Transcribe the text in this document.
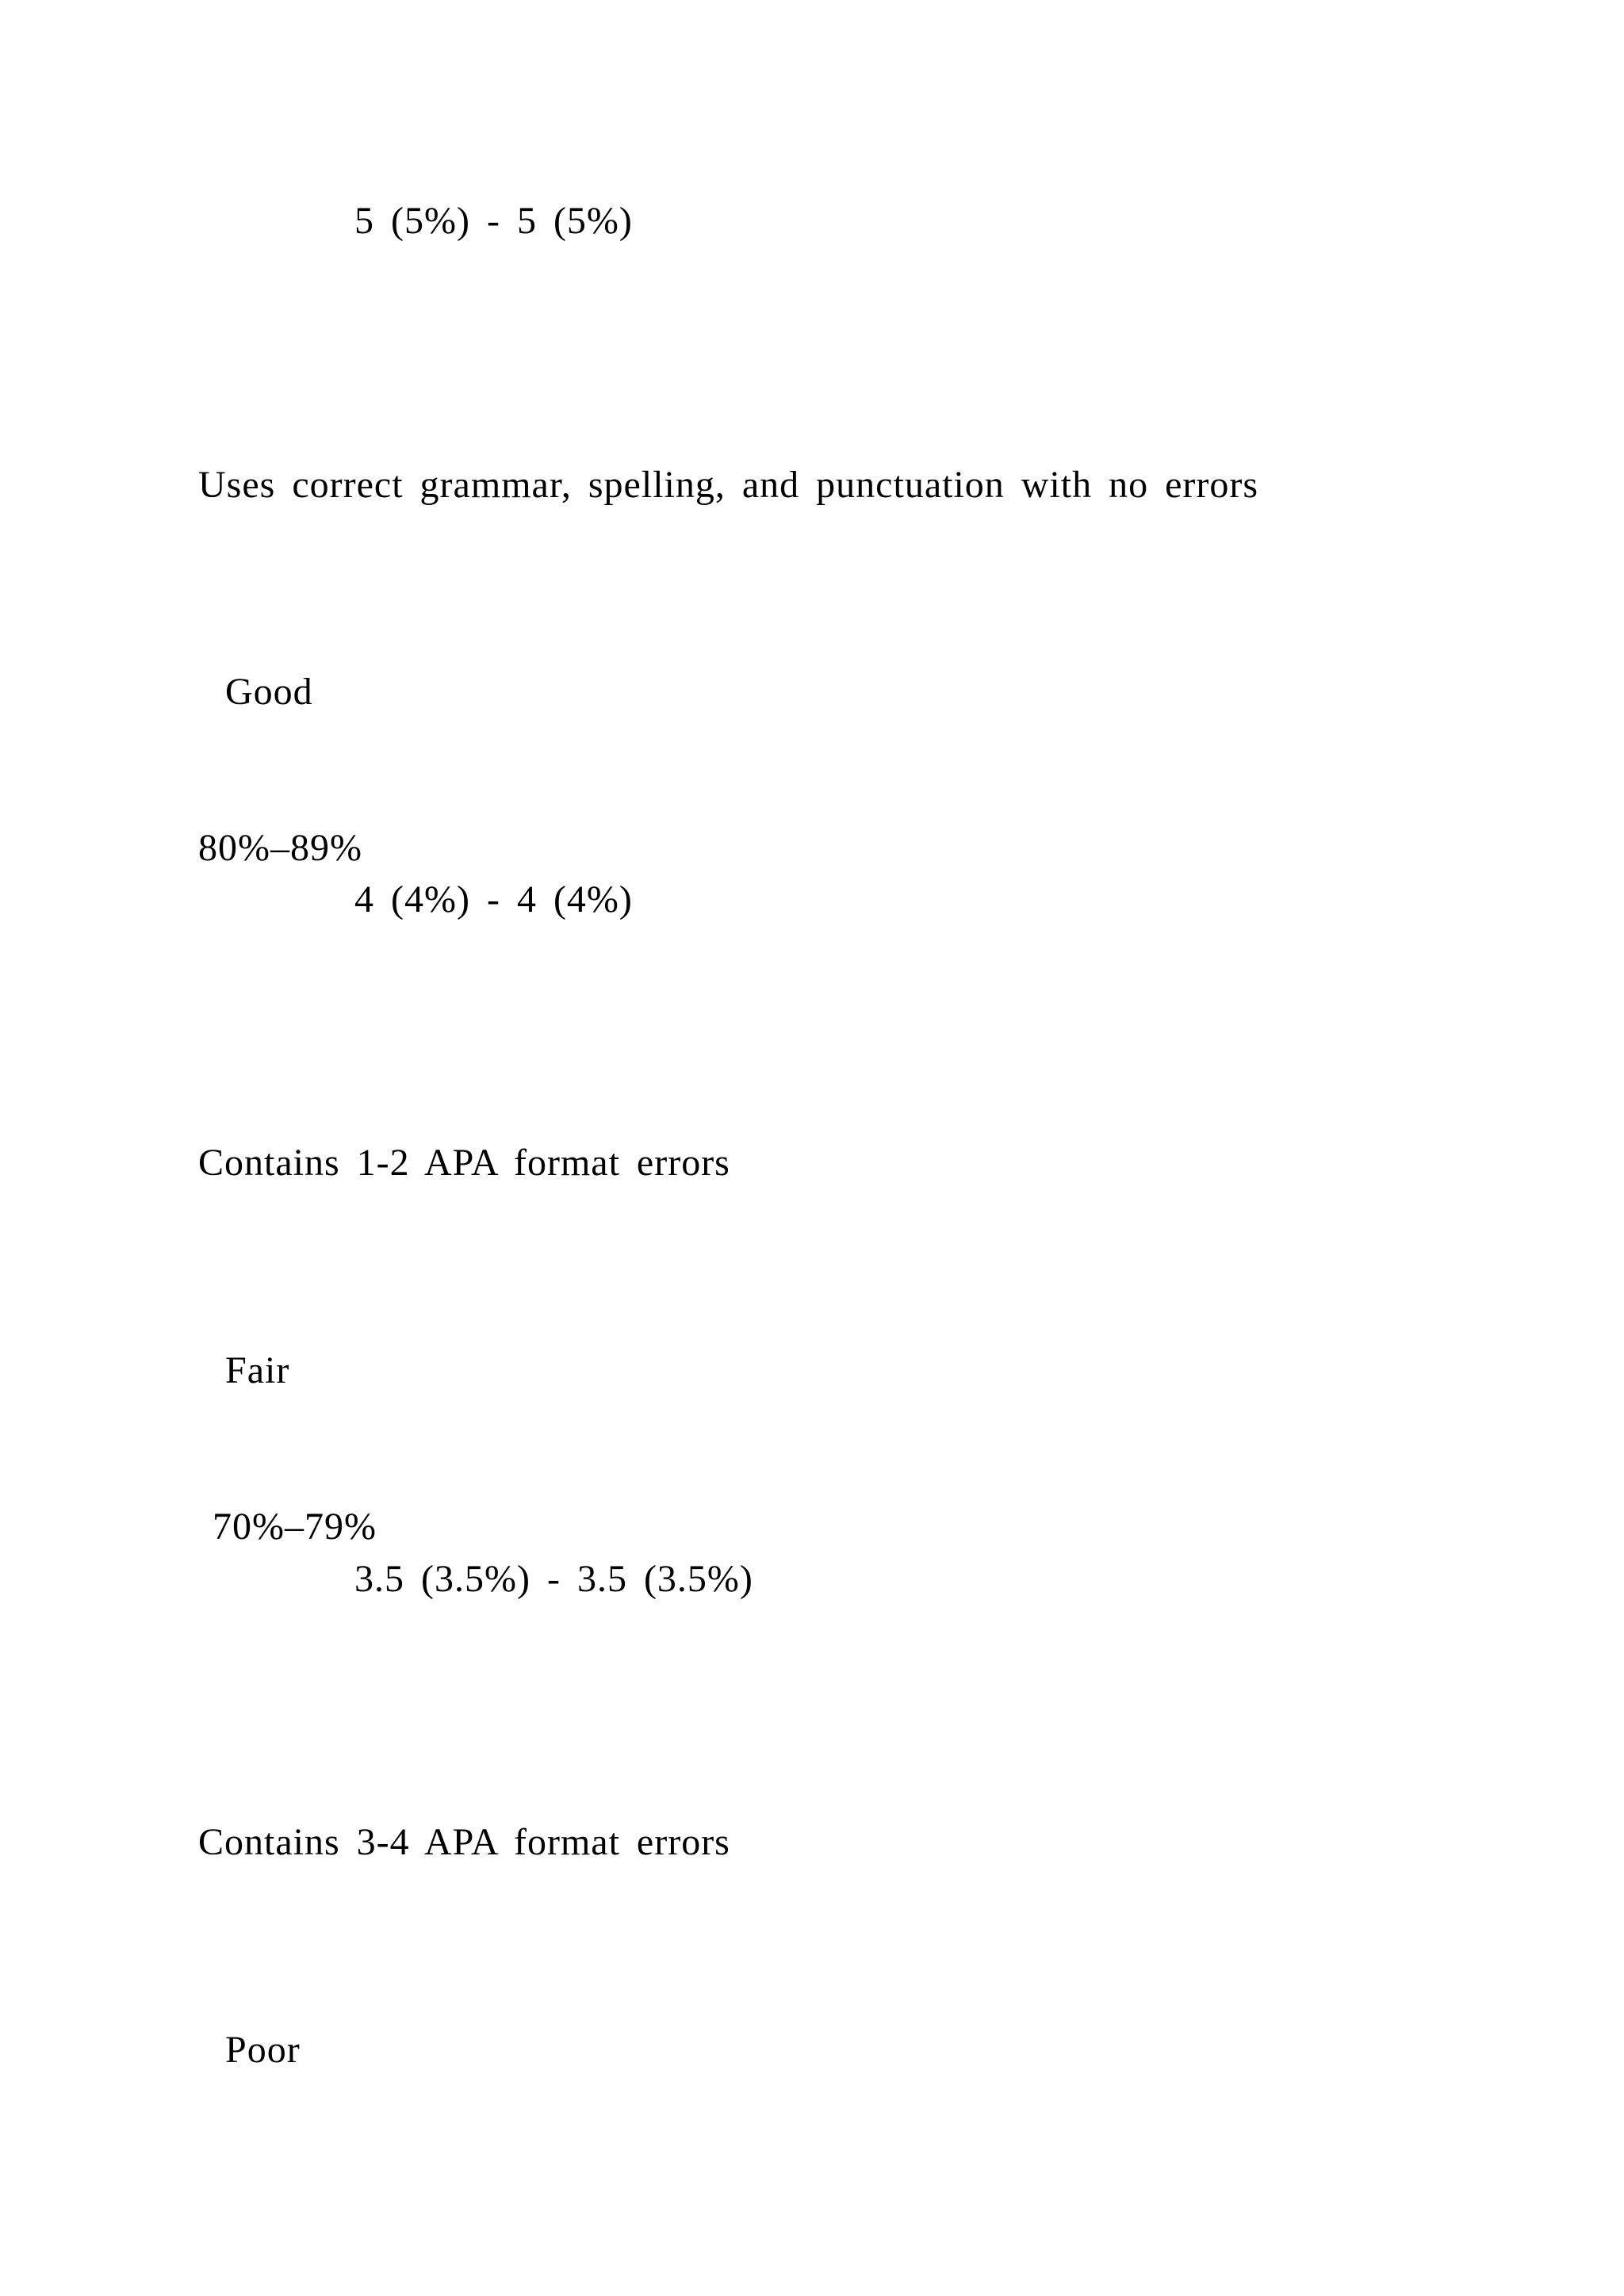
5 (5%) - 5 (5%)
Uses correct grammar, spelling, and punctuation with no errors
Good
80%–89%
4 (4%) - 4 (4%)
Contains 1-2 APA format errors
Fair
70%–79%
3.5 (3.5%) - 3.5 (3.5%)
Contains 3-4 APA format errors
Poor
